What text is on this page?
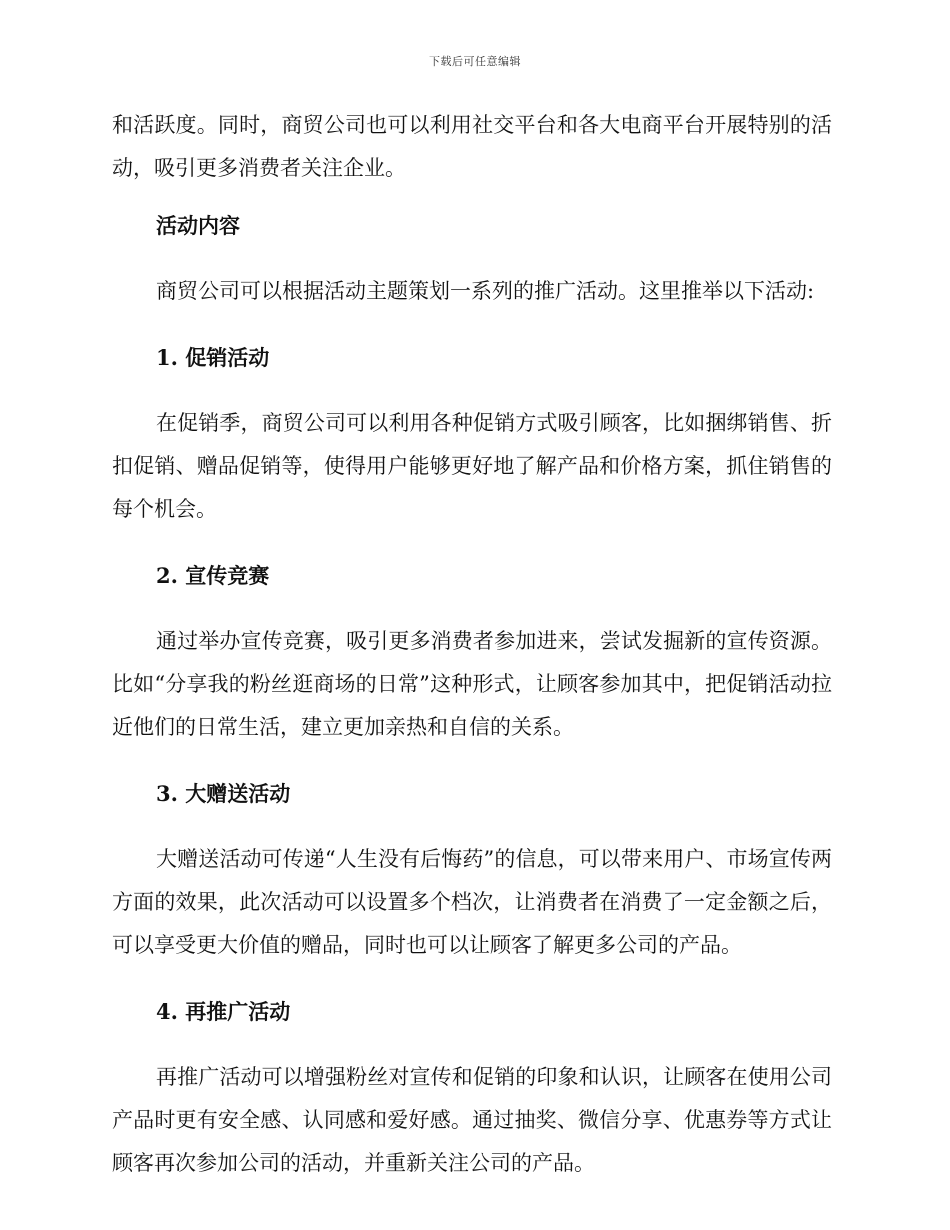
下载后可任意编辑

和活跃度。同时，商贸公司也可以利用社交平台和各大电商平台开展特别的活动，吸引更多消费者关注企业。

活动内容

商贸公司可以根据活动主题策划一系列的推广活动。这里推举以下活动:

1. 促销活动

在促销季，商贸公司可以利用各种促销方式吸引顾客，比如捆绑销售、折扣促销、赠品促销等，使得用户能够更好地了解产品和价格方案，抓住销售的每个机会。

2. 宣传竞赛

通过举办宣传竞赛，吸引更多消费者参加进来，尝试发掘新的宣传资源。比如“分享我的粉丝逛商场的日常”这种形式，让顾客参加其中，把促销活动拉近他们的日常生活，建立更加亲热和自信的关系。

3. 大赠送活动

大赠送活动可传递“人生没有后悔药”的信息，可以带来用户、市场宣传两方面的效果，此次活动可以设置多个档次，让消费者在消费了一定金额之后，可以享受更大价值的赠品，同时也可以让顾客了解更多公司的产品。

4. 再推广活动

再推广活动可以增强粉丝对宣传和促销的印象和认识，让顾客在使用公司产品时更有安全感、认同感和爱好感。通过抽奖、微信分享、优惠券等方式让顾客再次参加公司的活动，并重新关注公司的产品。
